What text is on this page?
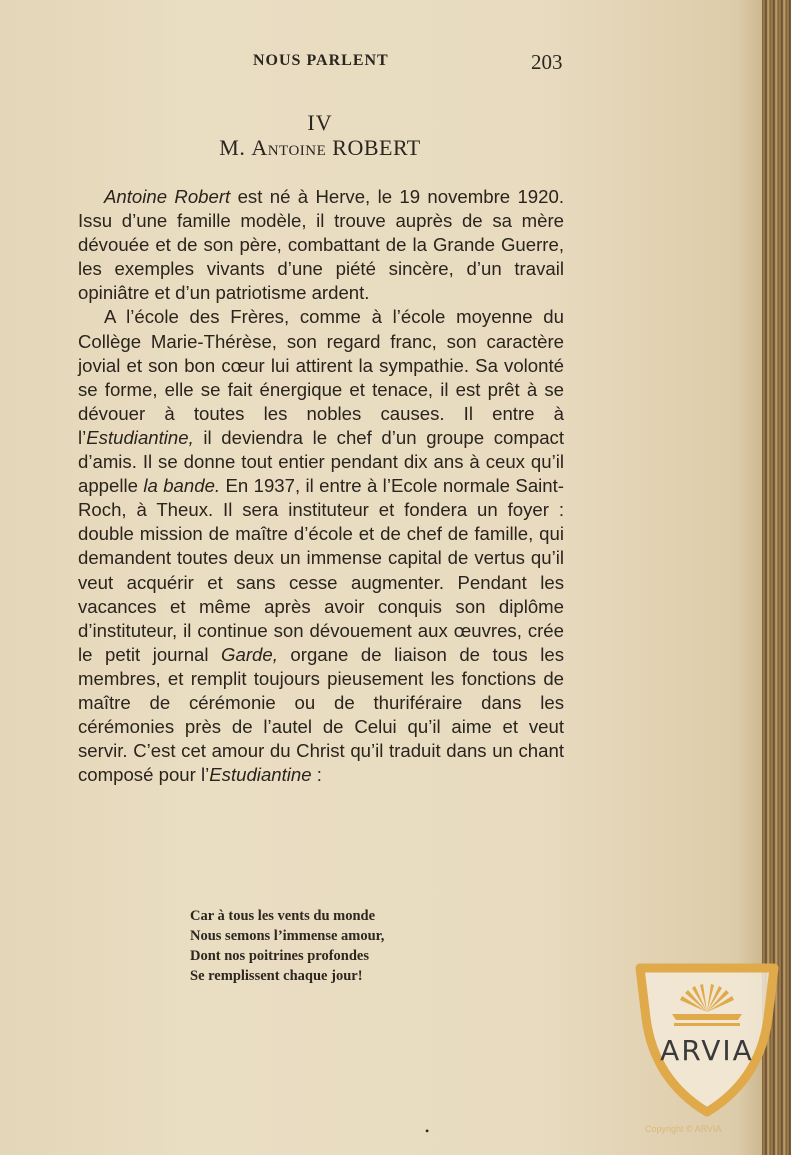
NOUS PARLENT	203
IV
M. Antoine ROBERT

Antoine Robert est né à Herve, le 19 novembre 1920. Issu d’une famille modèle, il trouve auprès de sa mère dévouée et de son père, combattant de la Grande Guerre, les exemples vivants d’une piété sincère, d’un travail opiniâtre et d’un patriotisme ardent.

A l’école des Frères, comme à l’école moyenne du Collège Marie-Thérèse, son regard franc, son caractère jovial et son bon cœur lui attirent la sympathie. Sa volonté se forme, elle se fait énergique et tenace, il est prêt à se dévouer à toutes les nobles causes. Il entre à l’Estudiantine, il deviendra le chef d’un groupe compact d’amis. Il se donne tout entier pendant dix ans à ceux qu’il appelle la bande. En 1937, il entre à l’Ecole normale Saint-Roch, à Theux. Il sera instituteur et fondera un foyer : double mission de maître d’école et de chef de famille, qui demandent toutes deux un immense capital de vertus qu’il veut acquérir et sans cesse augmenter. Pendant les vacances et même après avoir conquis son diplôme d’instituteur, il continue son dévouement aux œuvres, crée le petit journal Garde, organe de liaison de tous les membres, et remplit toujours pieusement les fonctions de maître de cérémonie ou de thuriféraire dans les cérémonies près de l’autel de Celui qu’il aime et veut servir. C’est cet amour du Christ qu’il traduit dans un chant composé pour l’Estudiantine :

Car à tous les vents du monde
Nous semons l’immense amour,
Dont nos poitrines profondes
Se remplissent chaque jour!
•
ARVIA
Copyright © ARVIA
